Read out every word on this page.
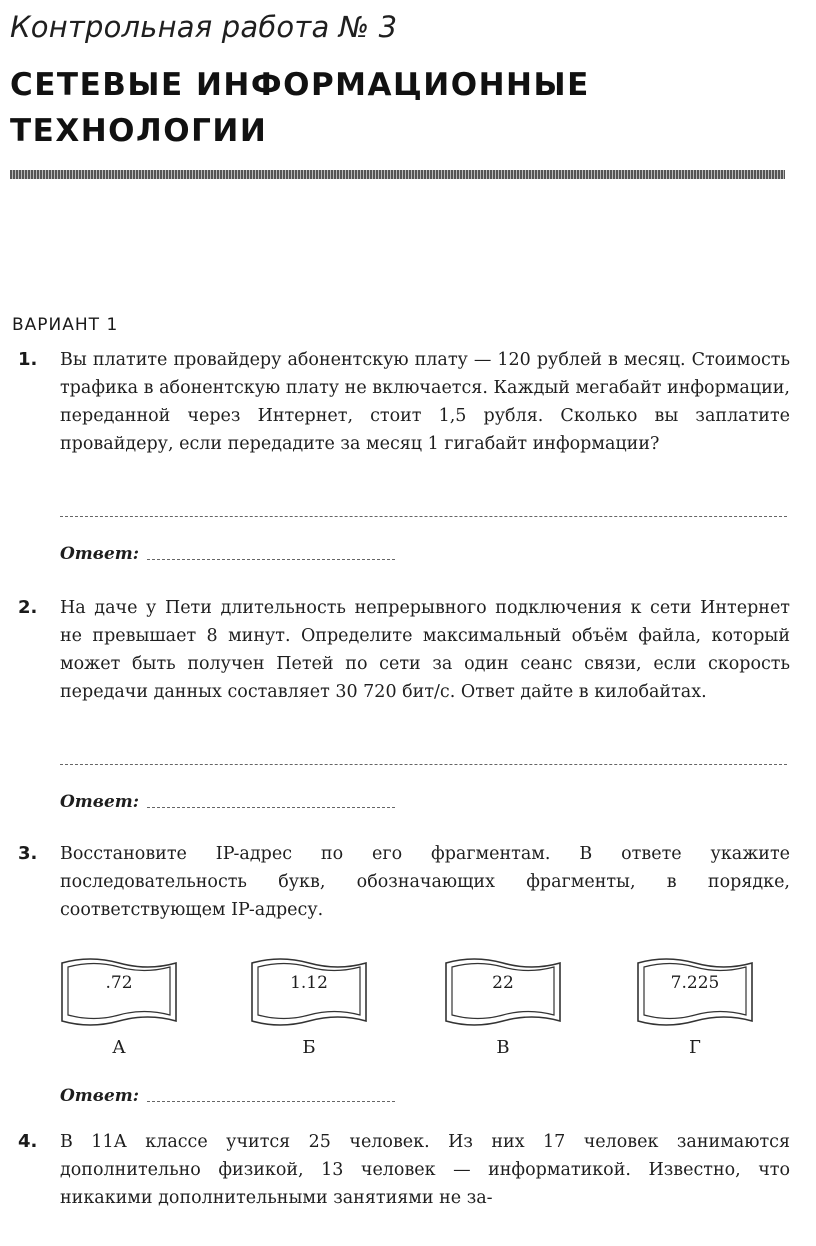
Контрольная работа № 3
СЕТЕВЫЕ ИНФОРМАЦИОННЫЕ ТЕХНОЛОГИИ
ВАРИАНТ 1
1. Вы платите провайдеру абонентскую плату — 120 рублей в месяц. Стоимость трафика в абонентскую плату не включается. Каждый мегабайт информации, переданной через Интернет, стоит 1,5 рубля. Сколько вы заплатите провайдеру, если передадите за месяц 1 гигабайт информации?
Ответ:
2. На даче у Пети длительность непрерывного подключения к сети Интернет не превышает 8 минут. Определите максимальный объём файла, который может быть получен Петей по сети за один сеанс связи, если скорость передачи данных составляет 30 720 бит/с. Ответ дайте в килобайтах.
Ответ:
3. Восстановите IP-адрес по его фрагментам. В ответе укажите последовательность букв, обозначающих фрагменты, в порядке, соответствующем IP-адресу.
.72
А
1.12
Б
22
В
7.225
Г
Ответ:
4. В 11А классе учится 25 человек. Из них 17 человек занимаются дополнительно физикой, 13 человек — информатикой. Известно, что никакими дополнительными занятиями не за-
